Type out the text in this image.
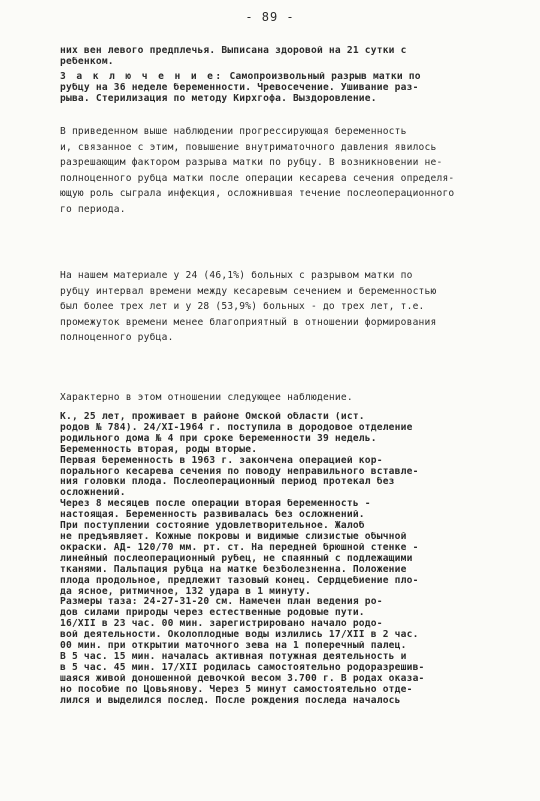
- 89 -
них вен левого предплечья. Выписана здоровой на 21 сутки с
ребенком.
З а к л ю ч е н и е: Самопроизвольный разрыв матки по
рубцу на 36 неделе беременности. Чревосечение. Ушивание раз-
рыва. Стерилизация по методу Кирхгофа. Выздоровление.
В приведенном выше наблюдении прогрессирующая беременность
и, связанное с этим, повышение внутриматочного давления явилось
разрешающим фактором разрыва матки по рубцу. В возникновении не-
полноценного рубца матки после операции кесарева сечения определя-
ющую роль сыграла инфекция, осложнившая течение послеоперационного
го периода.
На нашем материале у 24 (46,1%) больных с разрывом матки по
рубцу интервал времени между кесаревым сечением и беременностью
был более трех лет и у 28 (53,9%) больных - до трех лет, т.е.
промежуток времени менее благоприятный в отношении формирования
полноценного рубца.
Характерно в этом отношении следующее наблюдение.
К., 25 лет, проживает в районе Омской области (ист.
родов № 784). 24/XI-1964 г. поступила в дородовое отделение
родильного дома № 4 при сроке беременности 39 недель.
Беременность вторая, роды вторые.
Первая беременность в 1963 г. закончена операцией кор-
порального кесарева сечения по поводу неправильного вставле-
ния головки плода. Послеоперационный период протекал без
осложнений.
Через 8 месяцев после операции вторая беременность -
настоящая. Беременность развивалась без осложнений.
При поступлении состояние удовлетворительное. Жалоб
не предъявляет. Кожные покровы и видимые слизистые обычной
окраски. АД- 120/70 мм. рт. ст. На передней брюшной стенке -
линейный послеоперационный рубец, не спаянный с подлежащими
тканями. Пальпация рубца на матке безболезненна. Положение
плода продольное, предлежит тазовый конец. Сердцебиение пло-
да ясное, ритмичное, 132 удара в 1 минуту.
Размеры таза: 24-27-31-20 см. Намечен план ведения ро-
дов силами природы через естественные родовые пути.
16/XII в 23 час. 00 мин. зарегистрировано начало родо-
вой деятельности. Околоплодные воды излились 17/XII в 2 час.
00 мин. при открытии маточного зева на 1 поперечный палец.
В 5 час. 15 мин. началась активная потужная деятельность и
в 5 час. 45 мин. 17/XII родилась самостоятельно родоразрешив-
шаяся живой доношенной девочкой весом 3.700 г. В родах оказа-
но пособие по Цовьянову. Через 5 минут самостоятельно отде-
лился и выделился послед. После рождения последа началось
